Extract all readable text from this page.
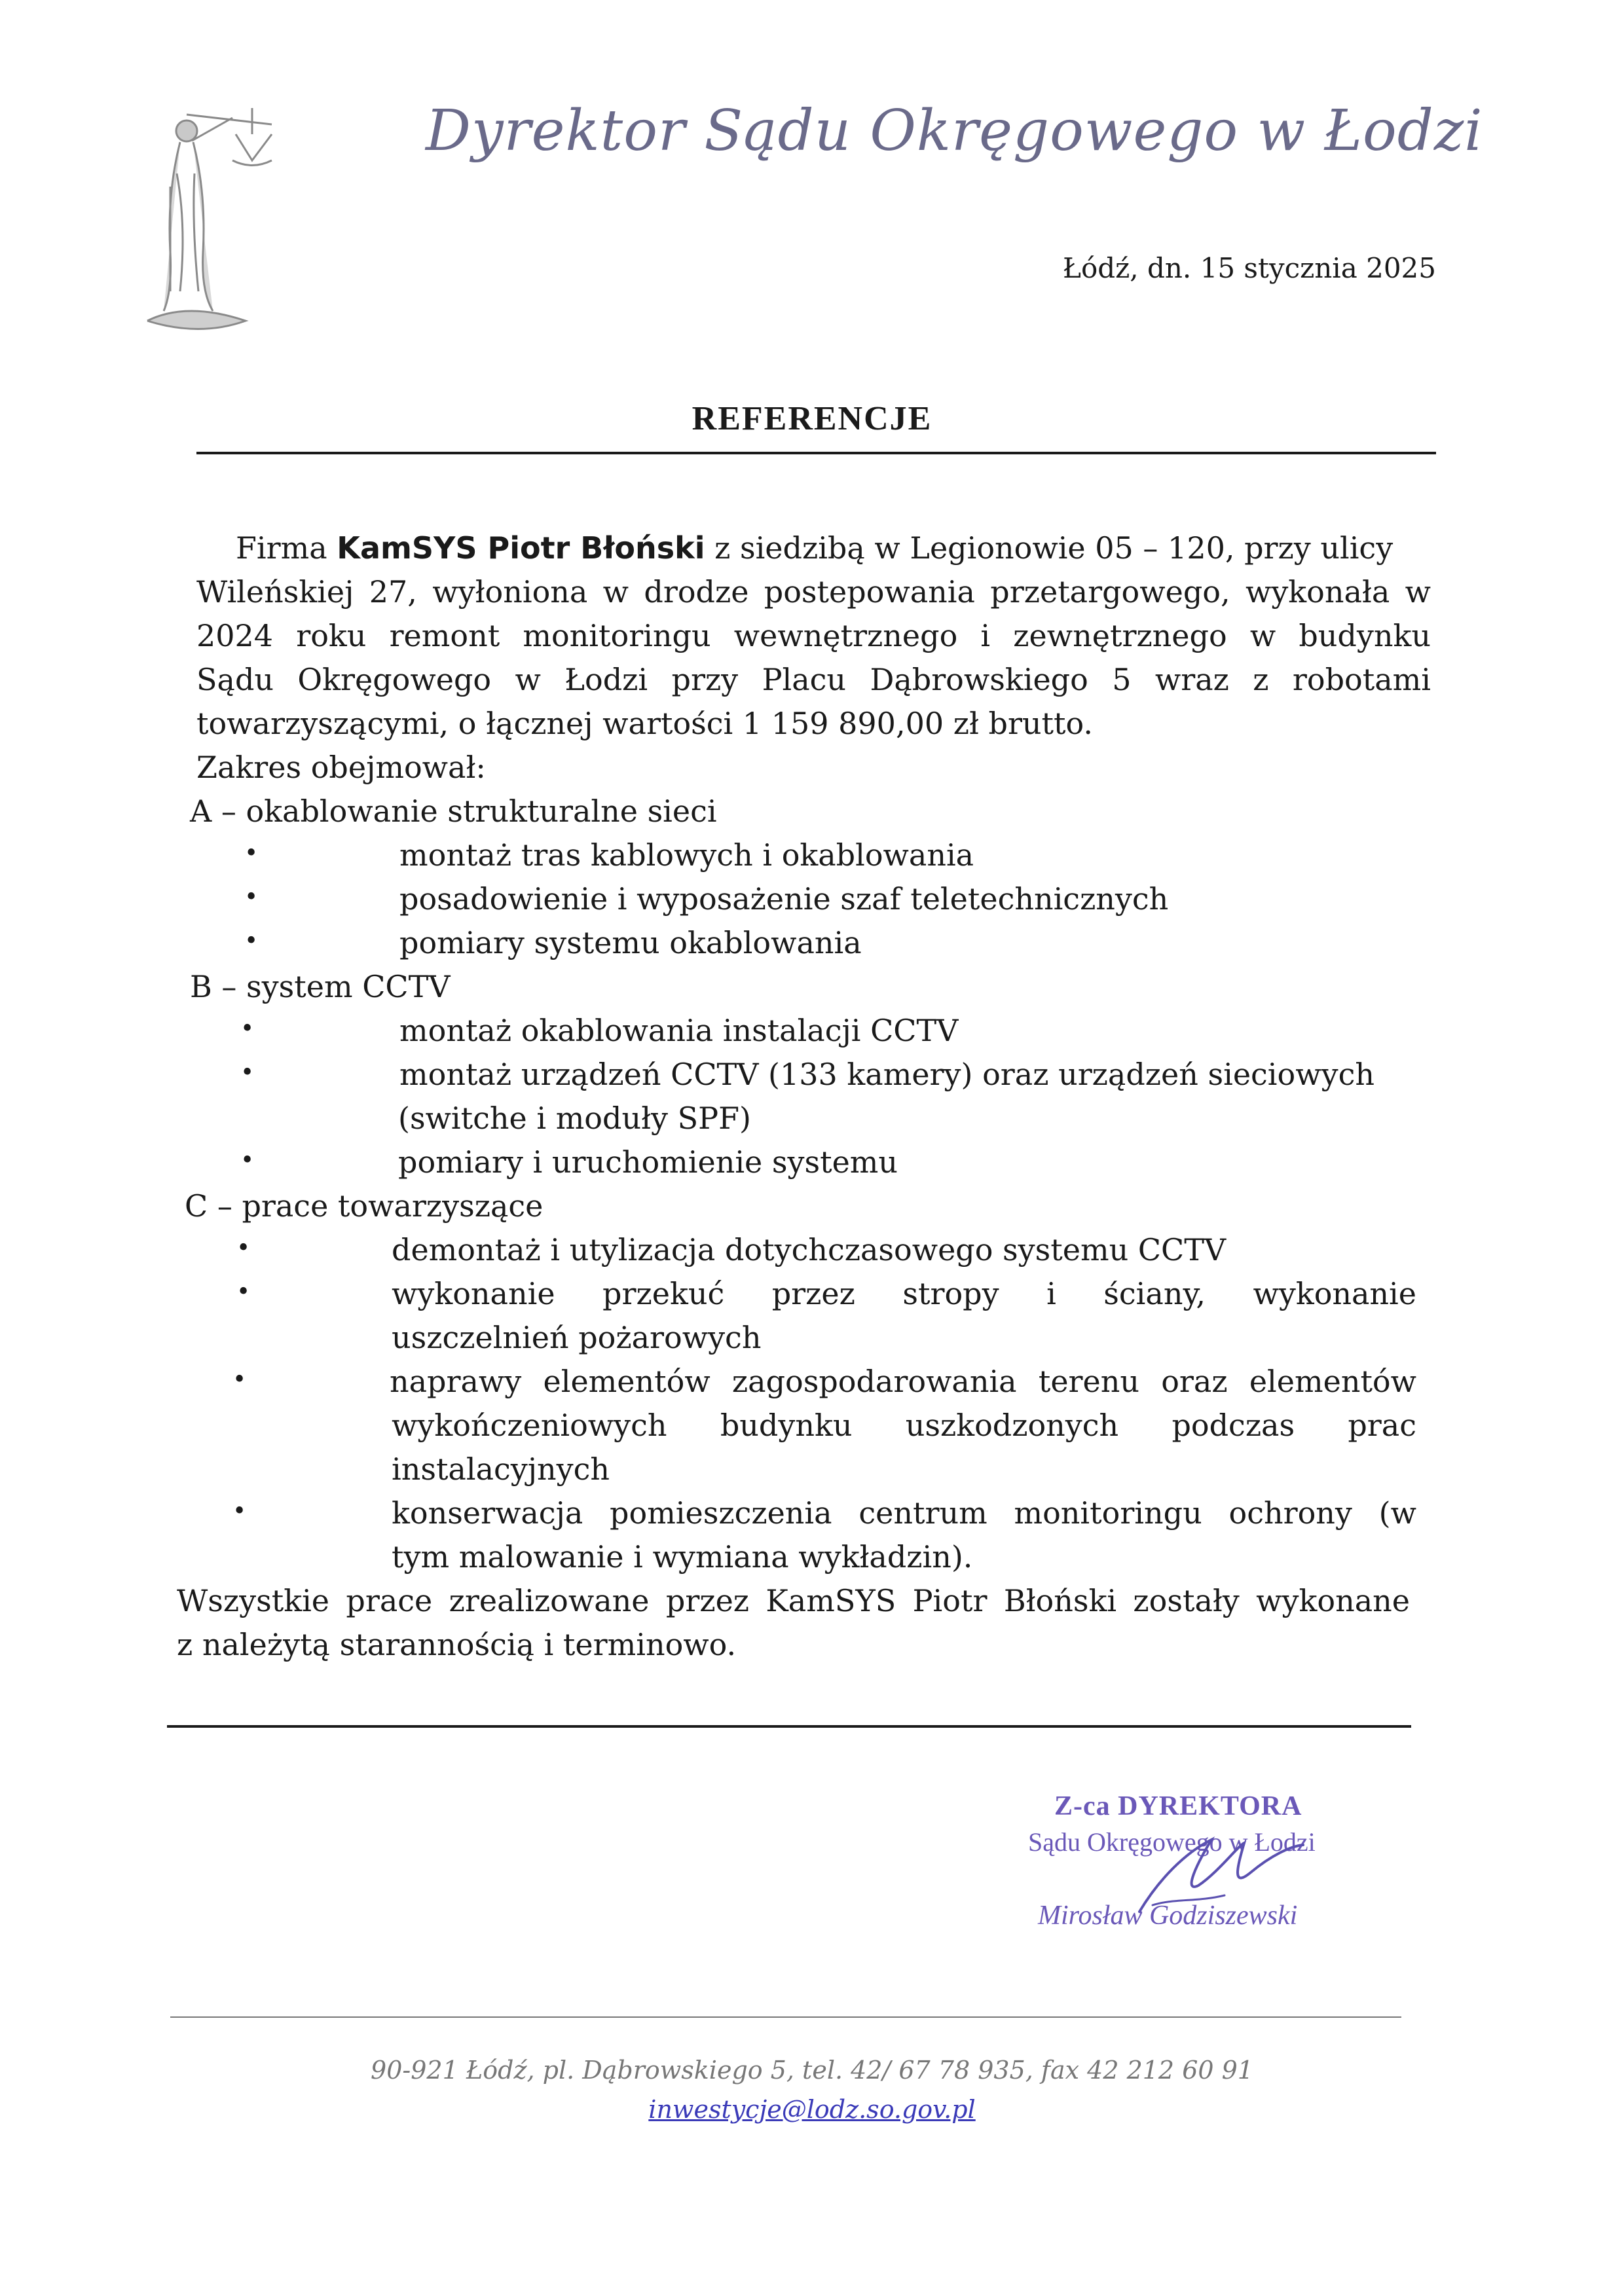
Dyrektor Sądu Okręgowego w Łodzi
Łódź, dn. 15 stycznia 2025
REFERENCJE
Firma KamSYS Piotr Błoński z siedzibą w Legionowie 05 – 120, przy ulicy
Wileńskiej 27, wyłoniona w drodze postepowania przetargowego, wykonała w
2024 roku remont monitoringu wewnętrznego i zewnętrznego w budynku
Sądu Okręgowego w Łodzi przy Placu Dąbrowskiego 5 wraz z robotami
towarzyszącymi, o łącznej wartości 1 159 890,00 zł brutto.
Zakres obejmował:
A – okablowanie strukturalne sieci
•	montaż tras kablowych i okablowania
•	posadowienie i wyposażenie szaf teletechnicznych
•	pomiary systemu okablowania
B – system CCTV
•	montaż okablowania instalacji CCTV
•	montaż urządzeń CCTV (133 kamery) oraz urządzeń sieciowych
(switche i moduły SPF)
•	pomiary i uruchomienie systemu
C – prace towarzyszące
•	demontaż i utylizacja dotychczasowego systemu CCTV
•	wykonanie przekuć przez stropy i ściany, wykonanie
uszczelnień pożarowych
•	naprawy elementów zagospodarowania terenu oraz elementów
wykończeniowych budynku uszkodzonych podczas prac
instalacyjnych
•	konserwacja pomieszczenia centrum monitoringu ochrony (w
tym malowanie i wymiana wykładzin).
Wszystkie prace zrealizowane przez KamSYS Piotr Błoński zostały wykonane
z należytą starannością i terminowo.
Z-ca DYREKTORA
Sądu Okręgowego w Łodzi
Mirosław Godziszewski
90-921 Łódź, pl. Dąbrowskiego 5, tel. 42/ 67 78 935, fax 42 212 60 91
inwestycje@lodz.so.gov.pl
